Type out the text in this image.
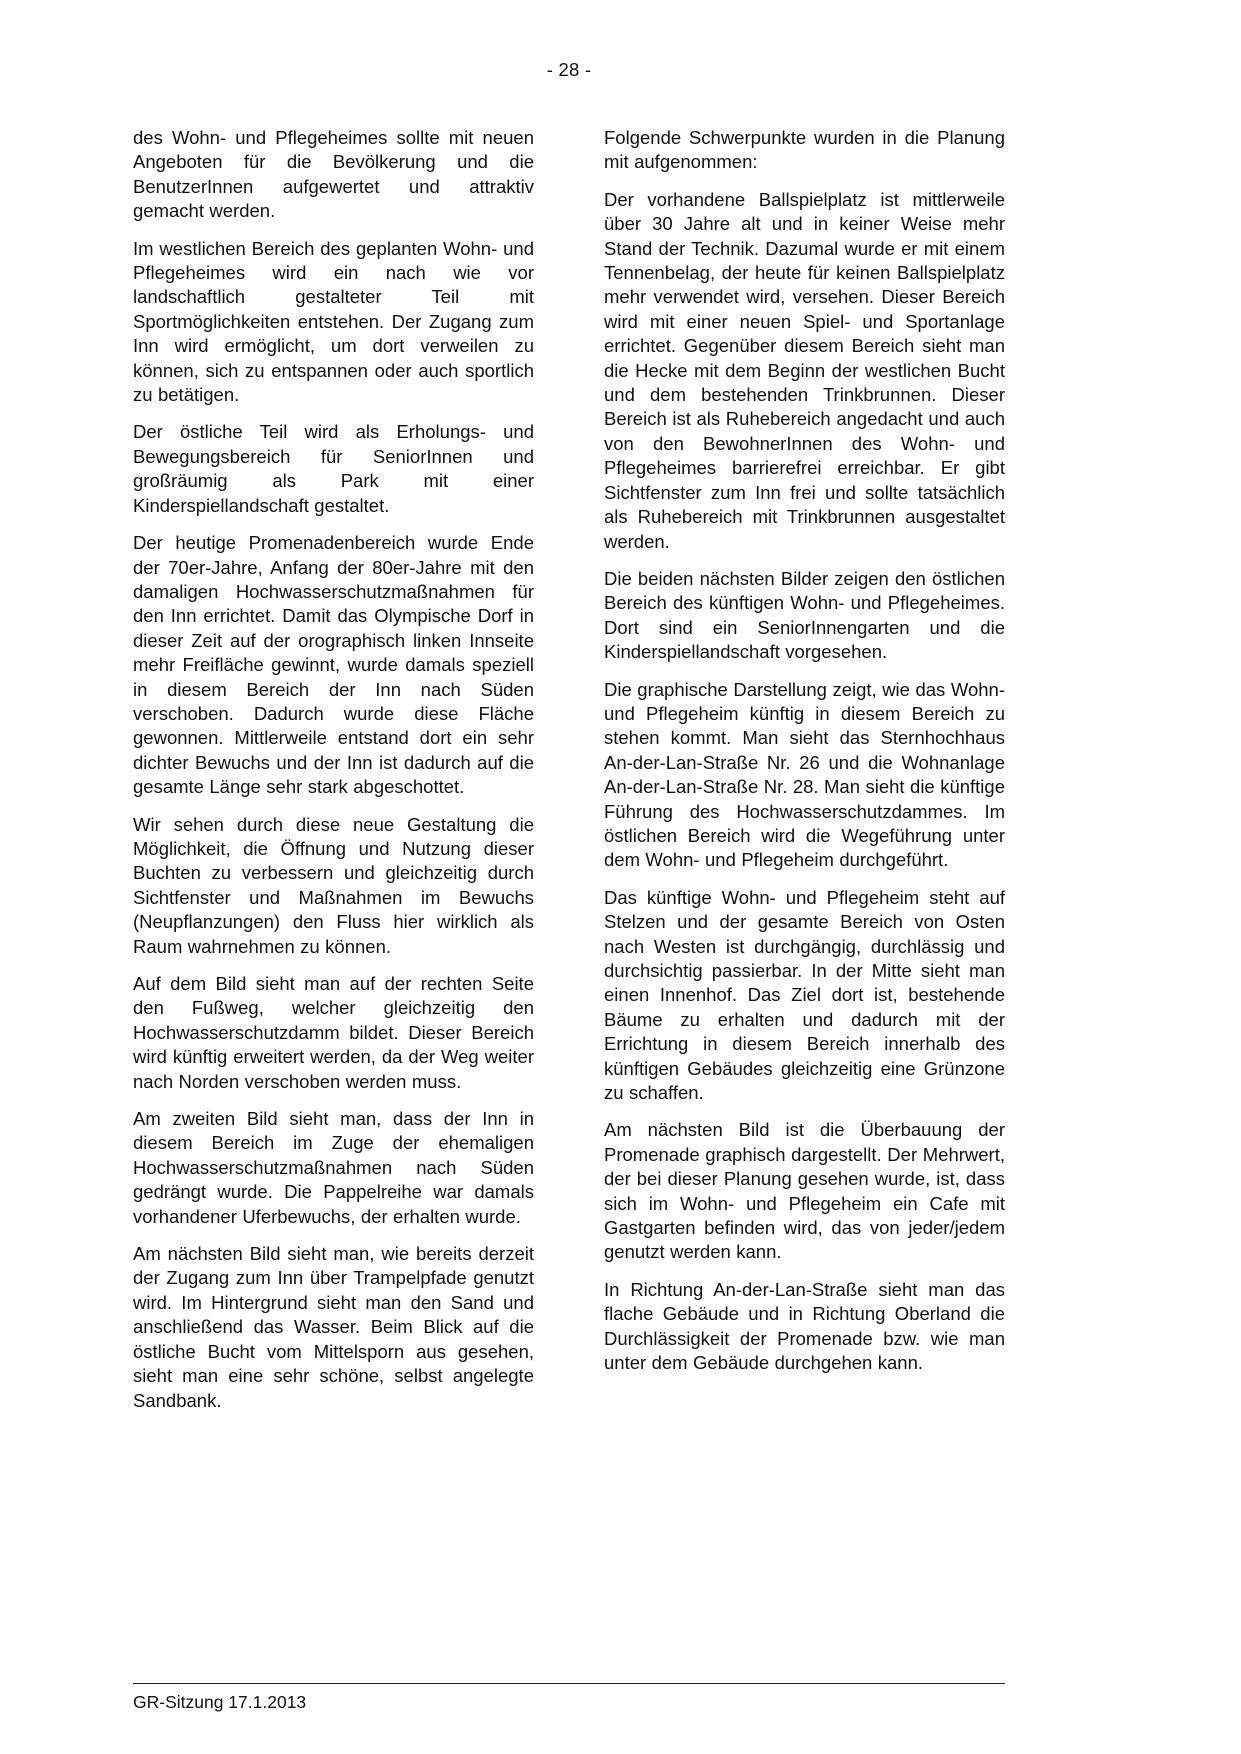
- 28 -

des Wohn- und Pflegeheimes sollte mit neuen Angeboten für die Bevölkerung und die BenutzerInnen aufgewertet und attraktiv gemacht werden.

Im westlichen Bereich des geplanten Wohn- und Pflegeheimes wird ein nach wie vor landschaftlich gestalteter Teil mit Sportmöglichkeiten entstehen. Der Zugang zum Inn wird ermöglicht, um dort verweilen zu können, sich zu entspannen oder auch sportlich zu betätigen.

Der östliche Teil wird als Erholungs- und Bewegungsbereich für SeniorInnen und großräumig als Park mit einer Kinderspiellandschaft gestaltet.

Der heutige Promenadenbereich wurde Ende der 70er-Jahre, Anfang der 80er-Jahre mit den damaligen Hochwasserschutzmaßnahmen für den Inn errichtet. Damit das Olympische Dorf in dieser Zeit auf der orographisch linken Innseite mehr Freifläche gewinnt, wurde damals speziell in diesem Bereich der Inn nach Süden verschoben. Dadurch wurde diese Fläche gewonnen. Mittlerweile entstand dort ein sehr dichter Bewuchs und der Inn ist dadurch auf die gesamte Länge sehr stark abgeschottet.

Wir sehen durch diese neue Gestaltung die Möglichkeit, die Öffnung und Nutzung dieser Buchten zu verbessern und gleichzeitig durch Sichtfenster und Maßnahmen im Bewuchs (Neupflanzungen) den Fluss hier wirklich als Raum wahrnehmen zu können.

Auf dem Bild sieht man auf der rechten Seite den Fußweg, welcher gleichzeitig den Hochwasserschutzdamm bildet. Dieser Bereich wird künftig erweitert werden, da der Weg weiter nach Norden verschoben werden muss.

Am zweiten Bild sieht man, dass der Inn in diesem Bereich im Zuge der ehemaligen Hochwasserschutzmaßnahmen nach Süden gedrängt wurde. Die Pappelreihe war damals vorhandener Uferbewuchs, der erhalten wurde.

Am nächsten Bild sieht man, wie bereits derzeit der Zugang zum Inn über Trampelpfade genutzt wird. Im Hintergrund sieht man den Sand und anschließend das Wasser. Beim Blick auf die östliche Bucht vom Mittelsporn aus gesehen, sieht man eine sehr schöne, selbst angelegte Sandbank.

Folgende Schwerpunkte wurden in die Planung mit aufgenommen:

Der vorhandene Ballspielplatz ist mittlerweile über 30 Jahre alt und in keiner Weise mehr Stand der Technik. Dazumal wurde er mit einem Tennenbelag, der heute für keinen Ballspielplatz mehr verwendet wird, versehen. Dieser Bereich wird mit einer neuen Spiel- und Sportanlage errichtet. Gegenüber diesem Bereich sieht man die Hecke mit dem Beginn der westlichen Bucht und dem bestehenden Trinkbrunnen. Dieser Bereich ist als Ruhebereich angedacht und auch von den BewohnerInnen des Wohn- und Pflegeheimes barrierefrei erreichbar. Er gibt Sichtfenster zum Inn frei und sollte tatsächlich als Ruhebereich mit Trinkbrunnen ausgestaltet werden.

Die beiden nächsten Bilder zeigen den östlichen Bereich des künftigen Wohn- und Pflegeheimes. Dort sind ein SeniorInnengarten und die Kinderspiellandschaft vorgesehen.

Die graphische Darstellung zeigt, wie das Wohn- und Pflegeheim künftig in diesem Bereich zu stehen kommt. Man sieht das Sternhochhaus An-der-Lan-Straße Nr. 26 und die Wohnanlage An-der-Lan-Straße Nr. 28. Man sieht die künftige Führung des Hochwasserschutzdammes. Im östlichen Bereich wird die Wegeführung unter dem Wohn- und Pflegeheim durchgeführt.

Das künftige Wohn- und Pflegeheim steht auf Stelzen und der gesamte Bereich von Osten nach Westen ist durchgängig, durchlässig und durchsichtig passierbar. In der Mitte sieht man einen Innenhof. Das Ziel dort ist, bestehende Bäume zu erhalten und dadurch mit der Errichtung in diesem Bereich innerhalb des künftigen Gebäudes gleichzeitig eine Grünzone zu schaffen.

Am nächsten Bild ist die Überbauung der Promenade graphisch dargestellt. Der Mehrwert, der bei dieser Planung gesehen wurde, ist, dass sich im Wohn- und Pflegeheim ein Cafe mit Gastgarten befinden wird, das von jeder/jedem genutzt werden kann.

In Richtung An-der-Lan-Straße sieht man das flache Gebäude und in Richtung Oberland die Durchlässigkeit der Promenade bzw. wie man unter dem Gebäude durchgehen kann.

GR-Sitzung 17.1.2013
